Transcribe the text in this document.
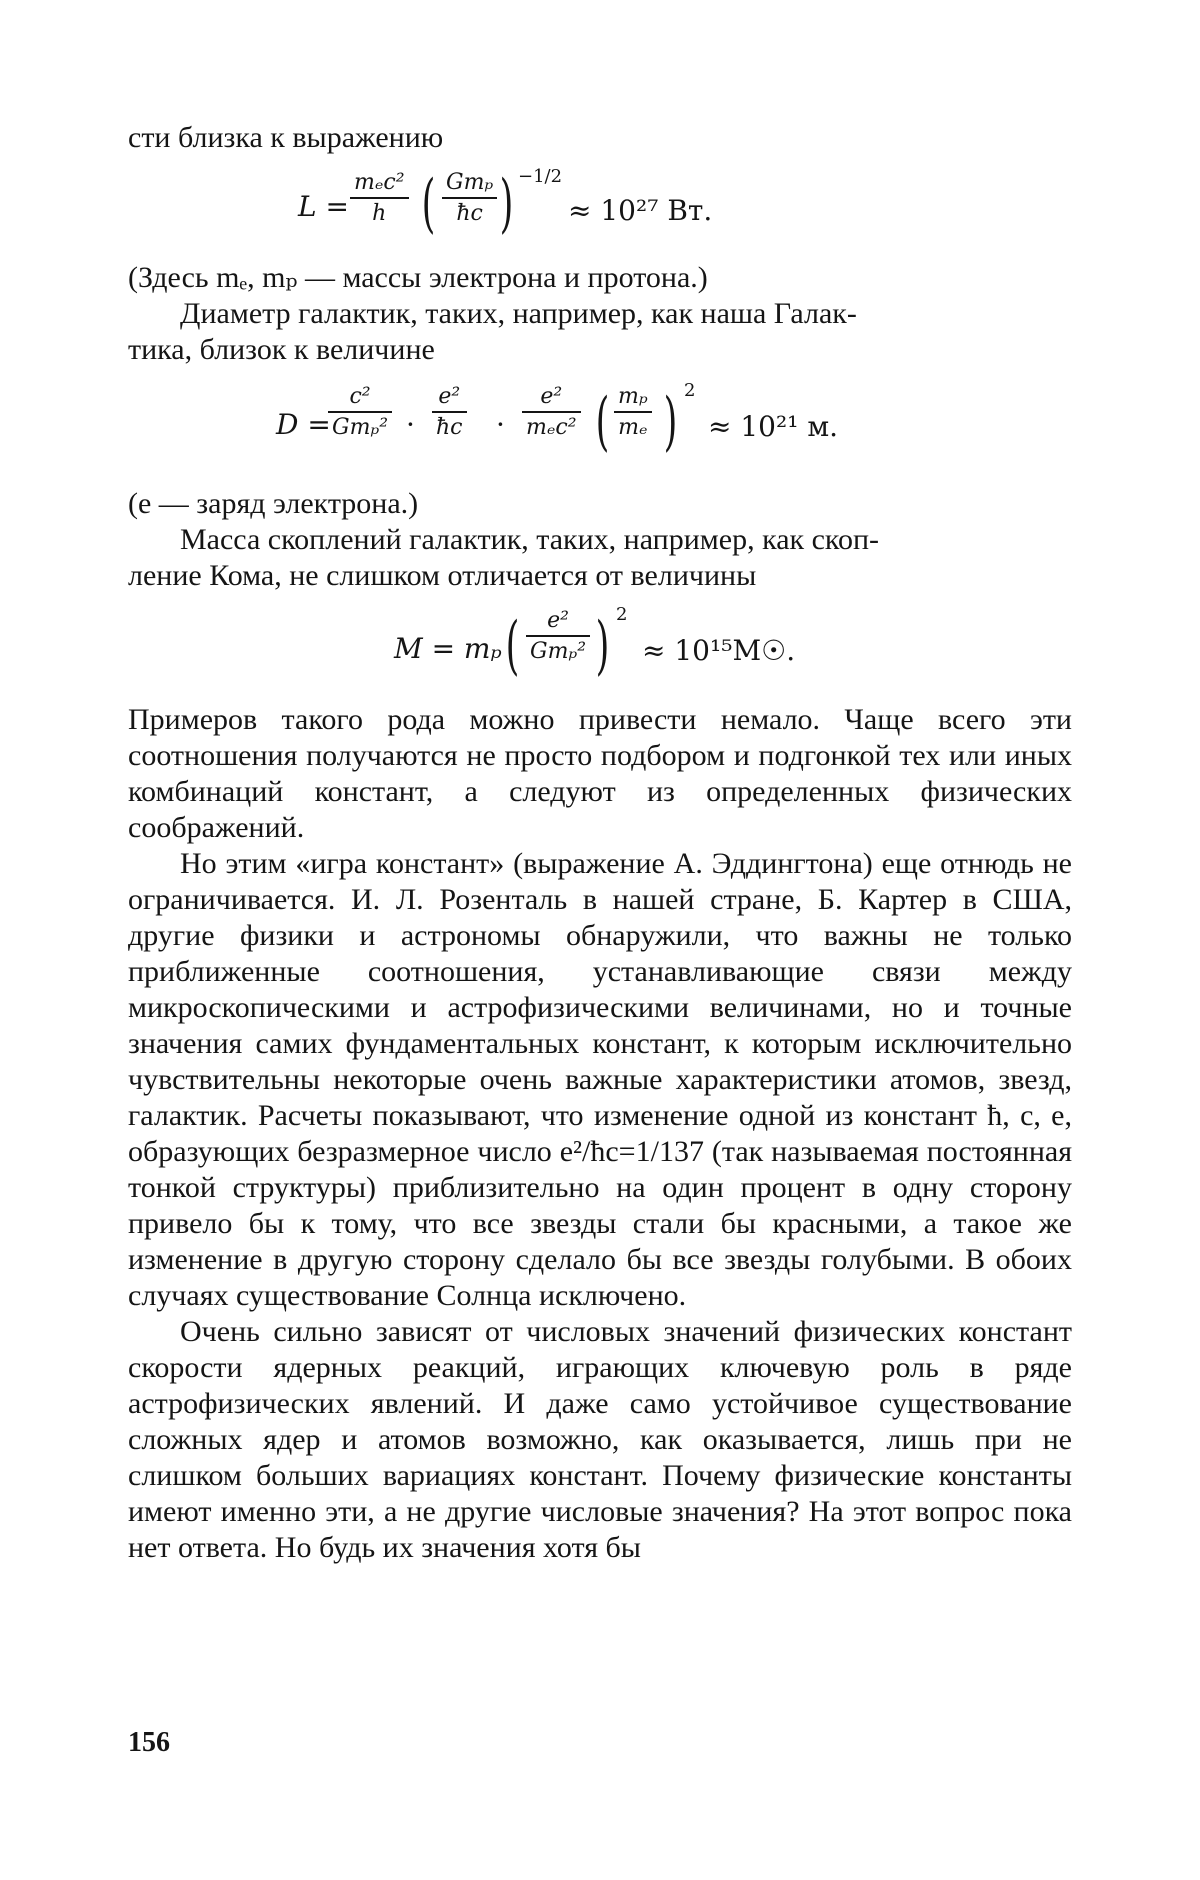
сти близка к выражению
L =
mₑc²
h ( Gmₚ
ħc ) −1/2
≈ 10²⁷ Вт.
(Здесь mₑ, mₚ — массы электрона и протона.)
Диаметр галактик, таких, например, как наша Галак-
тика, близок к величине
D =
c²
Gmₚ² ·
e²
ħc ·
e²
mₑc² ( mₚ
mₑ ) 2
≈ 10²¹ м.
(e — заряд электрона.)
Масса скоплений галактик, таких, например, как скоп-
ление Кома, не слишком отличается от величины
M = mₚ (	e²
Gmₚ² ) 2
≈ 10¹⁵M☉.

Примеров такого рода можно привести немало. Чаще всего эти соотношения получаются не просто подбором и подгонкой тех или иных комбинаций констант, а следуют из определенных физических соображений.

Но этим «игра констант» (выражение А. Эддингтона) еще отнюдь не ограничивается. И. Л. Розенталь в нашей стране, Б. Картер в США, другие физики и астрономы обнаружили, что важны не только приближенные соотношения, устанавливающие связи между микроскопическими и астрофизическими величинами, но и точные значения самих фундаментальных констант, к которым исключительно чувствительны некоторые очень важные характеристики атомов, звезд, галактик. Расчеты показывают, что изменение одной из констант ħ, c, e, образующих безразмерное число e²/ħc=1/137 (так называемая постоянная тонкой структуры) приблизительно на один процент в одну сторону привело бы к тому, что все звезды стали бы красными, а такое же изменение в другую сторону сделало бы все звезды голубыми. В обоих случаях существование Солнца исключено.

Очень сильно зависят от числовых значений физических констант скорости ядерных реакций, играющих ключевую роль в ряде астрофизических явлений. И даже само устойчивое существование сложных ядер и атомов возможно, как оказывается, лишь при не слишком больших вариациях констант. Почему физические константы имеют именно эти, а не другие числовые значения? На этот вопрос пока нет ответа. Но будь их значения хотя бы

156
